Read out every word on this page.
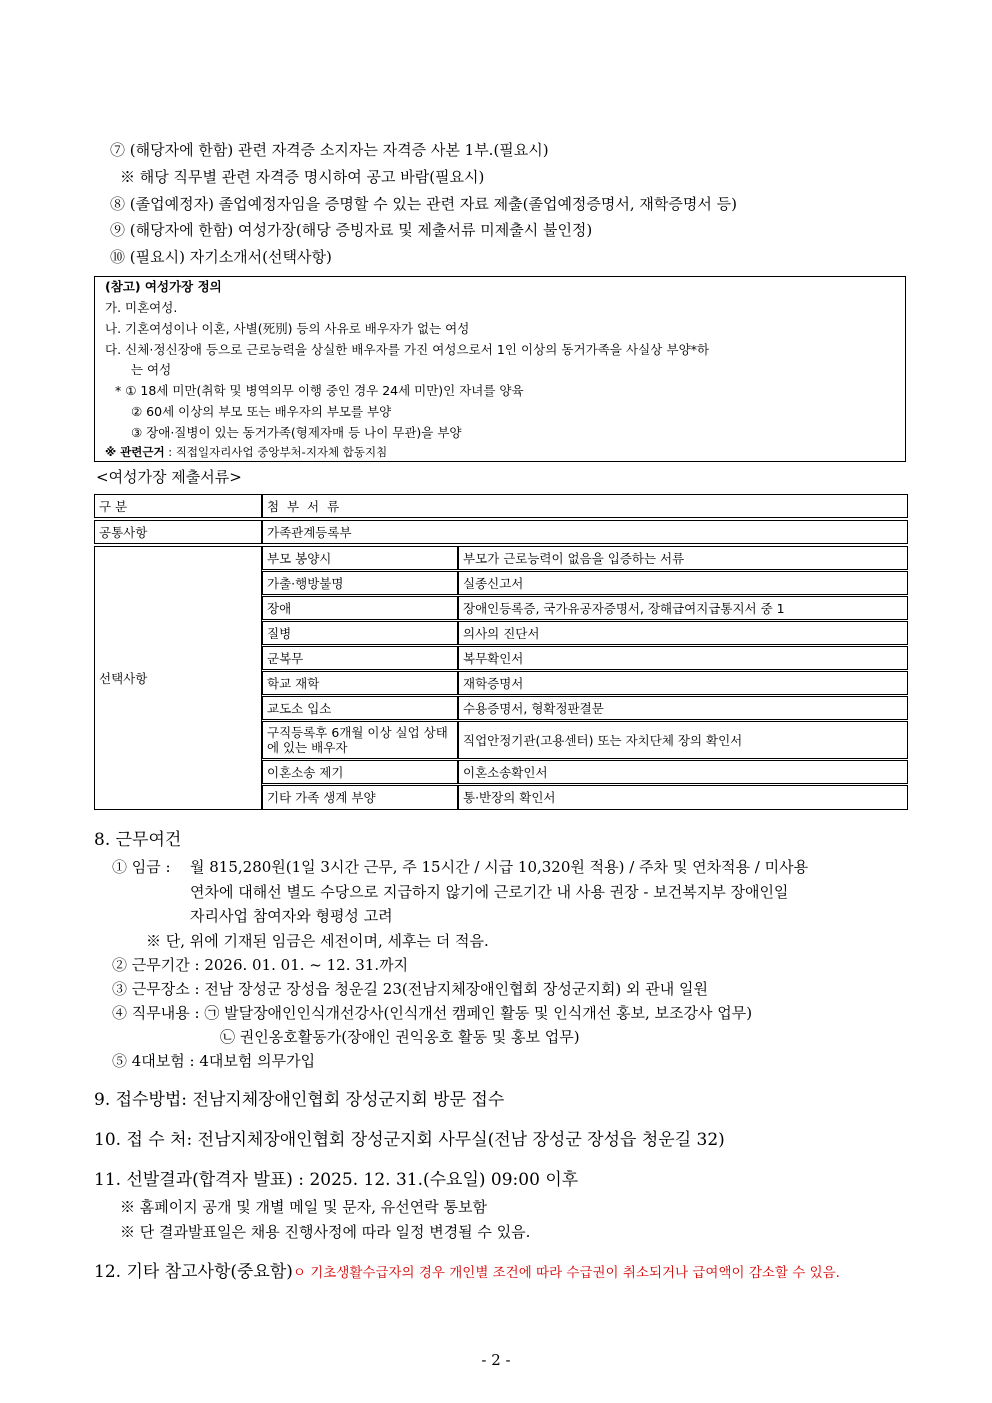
⑦ (해당자에 한함) 관련 자격증 소지자는 자격증 사본 1부.(필요시)
※ 해당 직무별 관련 자격증 명시하여 공고 바람(필요시)
⑧ (졸업예정자) 졸업예정자임을 증명할 수 있는 관련 자료 제출(졸업예정증명서, 재학증명서 등)
⑨ (해당자에 한함) 여성가장(해당 증빙자료 및 제출서류 미제출시 불인정)
⑩ (필요시) 자기소개서(선택사항)
(참고) 여성가장 정의
가. 미혼여성.
나. 기혼여성이나 이혼, 사별(死別) 등의 사유로 배우자가 없는 여성
다. 신체·정신장애 등으로 근로능력을 상실한 배우자를 가진 여성으로서 1인 이상의 동거가족을 사실상 부양*하
는 여성
* ① 18세 미만(취학 및 병역의무 이행 중인 경우 24세 미만)인 자녀를 양육
② 60세 이상의 부모 또는 배우자의 부모를 부양
③ 장애·질병이 있는 동거가족(형제자매 등 나이 무관)을 부양
※ 관련근거 : 직접일자리사업 중앙부처-지자체 합동지침
<여성가장 제출서류>
구 분	첨  부  서  류
공통사항	가족관계등록부
선택사항
부모 봉양시	부모가 근로능력이 없음을 입증하는 서류
가출·행방불명	실종신고서
장애	장애인등록증, 국가유공자증명서, 장해급여지급통지서 중 1
질병	의사의 진단서
군복무	복무확인서
학교 재학	재학증명서
교도소 입소	수용증명서, 형확정판결문
구직등록후 6개월 이상 실업 상태에 있는 배우자	직업안정기관(고용센터) 또는 자치단체 장의 확인서
이혼소송 제기	이혼소송확인서
기타 가족 생계 부양	통·반장의 확인서
8. 근무여건
① 임금 : 월 815,280원(1일 3시간 근무, 주 15시간 / 시급 10,320원 적용) / 주차 및 연차적용 / 미사용
연차에 대해선 별도 수당으로 지급하지 않기에 근로기간 내 사용 권장 - 보건복지부 장애인일
자리사업 참여자와 형평성 고려
※ 단, 위에 기재된 임금은 세전이며, 세후는 더 적음.
② 근무기간 : 2026. 01. 01. ~ 12. 31.까지
③ 근무장소 : 전남 장성군 장성읍 청운길 23(전남지체장애인협회 장성군지회) 외 관내 일원
④ 직무내용 : ㉠ 발달장애인인식개선강사(인식개선 캠페인 활동 및 인식개선 홍보, 보조강사 업무)
㉡ 권인옹호활동가(장애인 권익옹호 활동 및 홍보 업무)
⑤ 4대보험 : 4대보험 의무가입
9. 접수방법: 전남지체장애인협회 장성군지회 방문 접수
10. 접 수 처: 전남지체장애인협회 장성군지회 사무실(전남 장성군 장성읍 청운길 32)
11. 선발결과(합격자 발표) : 2025. 12. 31.(수요일) 09:00 이후
※ 홈페이지 공개 및 개별 메일 및 문자, 유선연락 통보함
※ 단 결과발표일은 채용 진행사정에 따라 일정 변경될 수 있음.
12. 기타 참고사항(중요함)ㅇ 기초생활수급자의 경우 개인별 조건에 따라 수급권이 취소되거나 급여액이 감소할 수 있음.
- 2 -
